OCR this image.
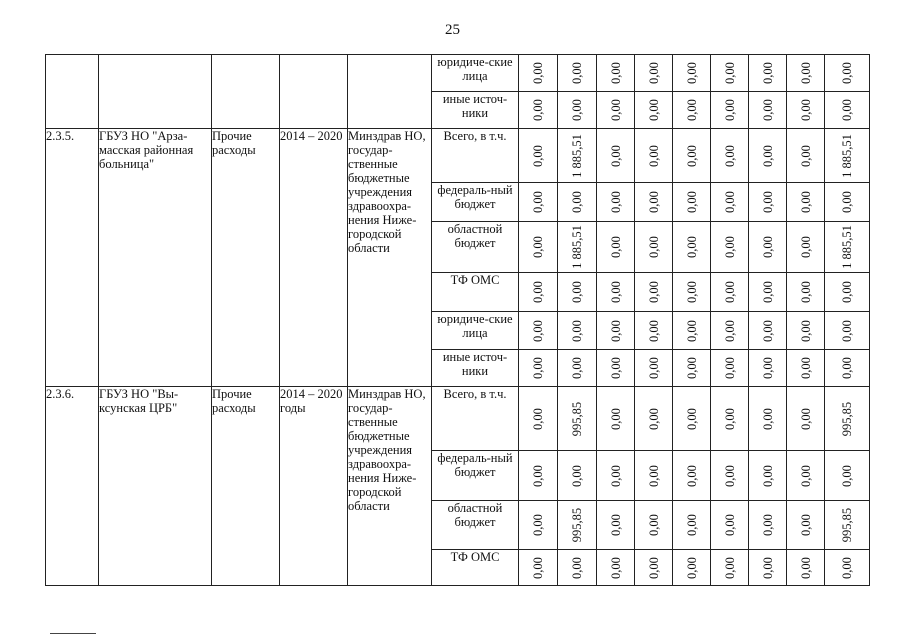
25
					юридиче-ские лица	0,00	0,00	0,00	0,00	0,00	0,00	0,00	0,00	0,00

					иные источ-ники	0,00	0,00	0,00	0,00	0,00	0,00	0,00	0,00	0,00

2.3.5.	ГБУЗ НО "Арза-масская районная больница"	Прочие расходы	2014 – 2020	Минздрав НО, государ-ственные бюджетные учреждения здравоохра-нения Ниже-городской области	Всего, в т.ч.	0,00	1 885,51	0,00	0,00	0,00	0,00	0,00	0,00	1 885,51

					федераль-ный бюджет	0,00	0,00	0,00	0,00	0,00	0,00	0,00	0,00	0,00

					областной бюджет	0,00	1 885,51	0,00	0,00	0,00	0,00	0,00	0,00	1 885,51

					ТФ ОМС	0,00	0,00	0,00	0,00	0,00	0,00	0,00	0,00	0,00

					юридиче-ские лица	0,00	0,00	0,00	0,00	0,00	0,00	0,00	0,00	0,00

					иные источ-ники	0,00	0,00	0,00	0,00	0,00	0,00	0,00	0,00	0,00

2.3.6.	ГБУЗ НО "Вы-ксунская ЦРБ"	Прочие расходы	2014 – 2020 годы	Минздрав НО, государ-ственные бюджетные учреждения здравоохра-нения Ниже-городской области	Всего, в т.ч.	0,00	995,85	0,00	0,00	0,00	0,00	0,00	0,00	995,85

					федераль-ный бюджет	0,00	0,00	0,00	0,00	0,00	0,00	0,00	0,00	0,00

					областной бюджет	0,00	995,85	0,00	0,00	0,00	0,00	0,00	0,00	995,85

					ТФ ОМС	0,00	0,00	0,00	0,00	0,00	0,00	0,00	0,00	0,00
